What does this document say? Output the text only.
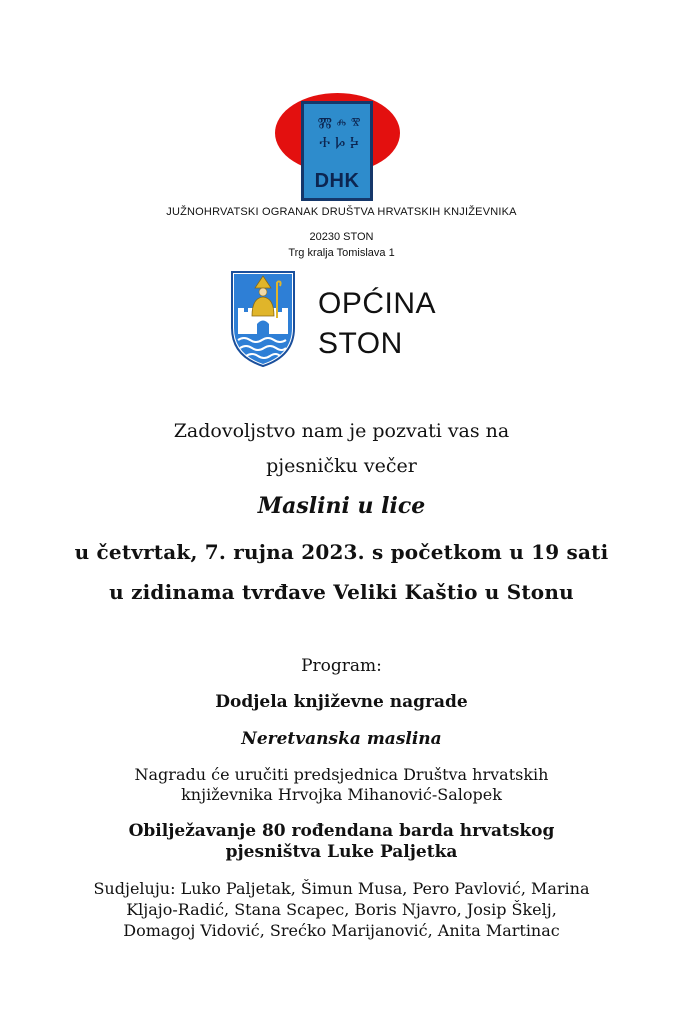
Ⰿ ⰾ ⰺ
Ⰰ Ⱈ Ⰽ
DHK
JUŽNOHRVATSKI OGRANAK DRUŠTVA HRVATSKIH KNJIŽEVNIKA
20230 STON
Trg kralja Tomislava 1
OPĆINA
STON
Zadovoljstvo nam je pozvati vas na
pjesničku večer
Maslini u lice
u četvrtak, 7. rujna 2023. s početkom u 19 sati
u zidinama tvrđave Veliki Kaštio u Stonu
Program:
Dodjela književne nagrade
Neretvanska maslina
Nagradu će uručiti predsjednica Društva hrvatskih
književnika Hrvojka Mihanović-Salopek
Obilježavanje 80 rođendana barda hrvatskog
pjesništva Luke Paljetka
Sudjeluju: Luko Paljetak, Šimun Musa, Pero Pavlović, Marina
Kljajo-Radić, Stana Scapec, Boris Njavro, Josip Škelj,
Domagoj Vidović, Srećko Marijanović, Anita Martinac
